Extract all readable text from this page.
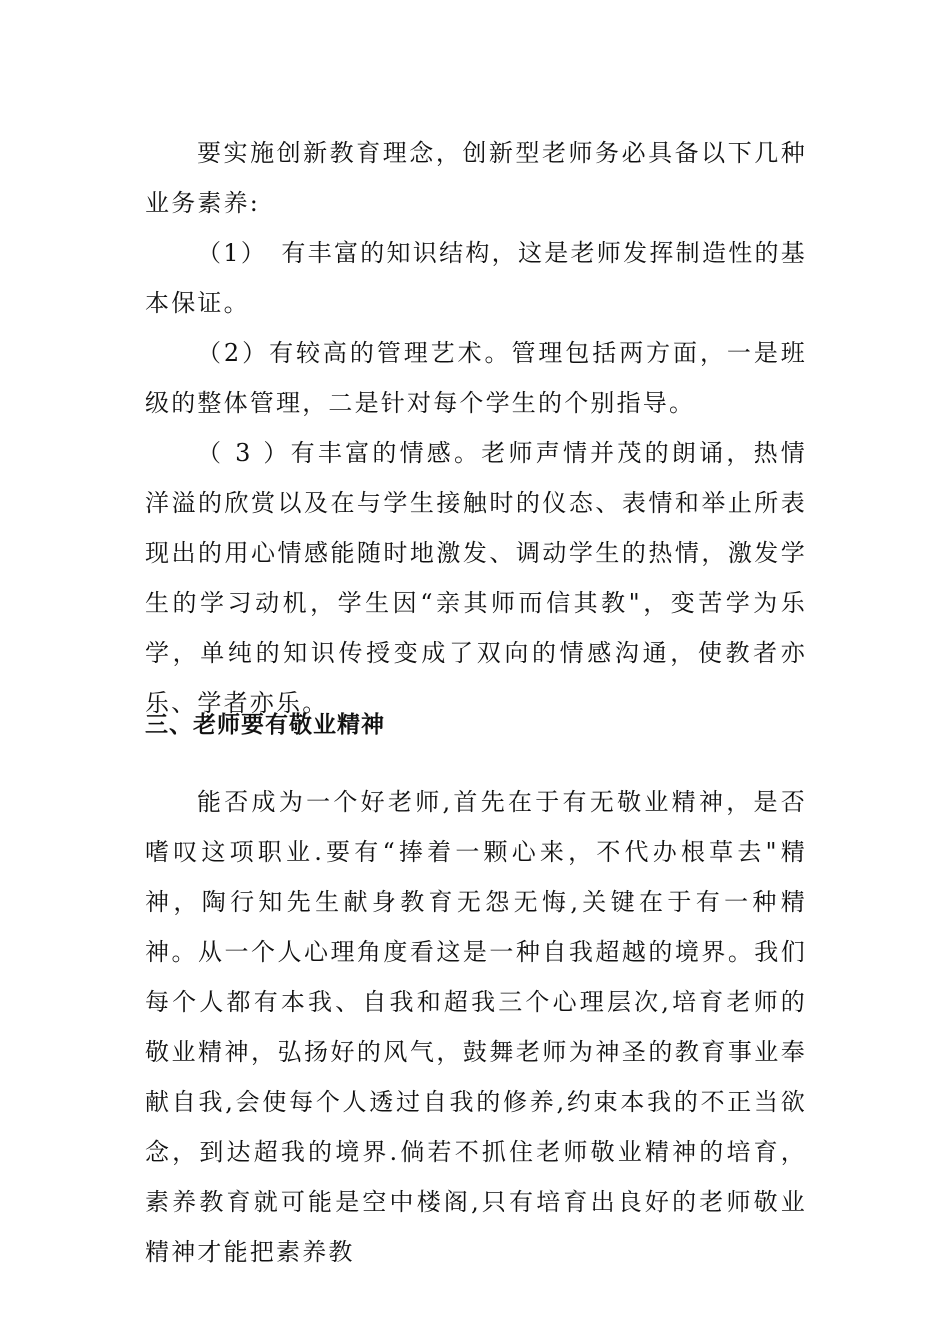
要实施创新教育理念，创新型老师务必具备以下几种业务素养:

（1）　有丰富的知识结构，这是老师发挥制造性的基本保证。

（2）有较高的管理艺术。管理包括两方面，一是班级的整体管理，二是针对每个学生的个别指导。

（ 3 ）有丰富的情感。老师声情并茂的朗诵，热情洋溢的欣赏以及在与学生接触时的仪态、表情和举止所表现出的用心情感能随时地激发、调动学生的热情，激发学生的学习动机，学生因“亲其师而信其教"，变苦学为乐学，单纯的知识传授变成了双向的情感沟通，使教者亦乐、学者亦乐。

三、老师要有敬业精神

能否成为一个好老师,首先在于有无敬业精神，是否嗜叹这项职业.要有“捧着一颗心来，不代办根草去"精神，陶行知先生献身教育无怨无悔,关键在于有一种精神。从一个人心理角度看这是一种自我超越的境界。我们每个人都有本我、自我和超我三个心理层次,培育老师的敬业精神，弘扬好的风气，鼓舞老师为神圣的教育事业奉献自我,会使每个人透过自我的修养,约束本我的不正当欲念，到达超我的境界.倘若不抓住老师敬业精神的培育，素养教育就可能是空中楼阁,只有培育出良好的老师敬业精神才能把素养教
